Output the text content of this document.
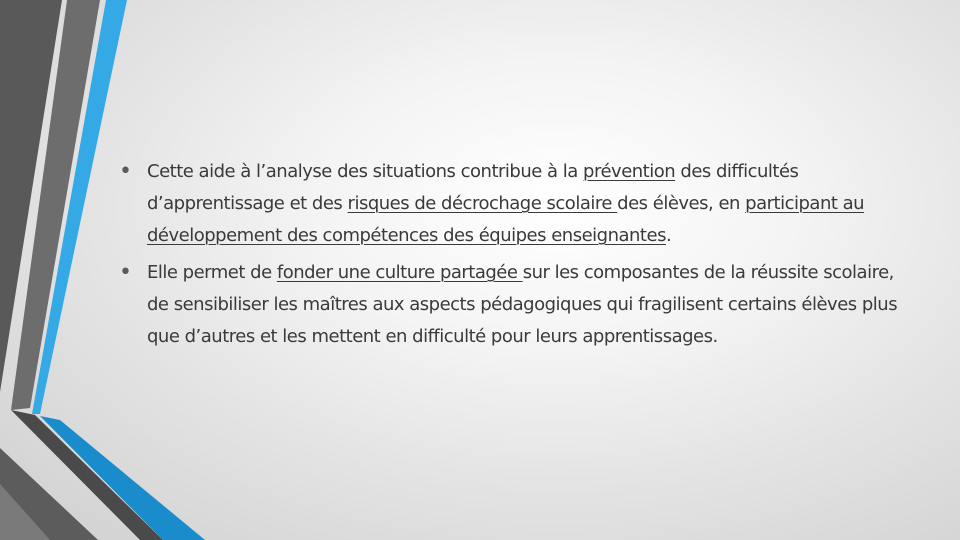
• Cette aide à l’analyse des situations contribue à la prévention des difficultés d’apprentissage et des risques de décrochage scolaire des élèves, en participant au développement des compétences des équipes enseignantes.
• Elle permet de fonder une culture partagée sur les composantes de la réussite scolaire, de sensibiliser les maîtres aux aspects pédagogiques qui fragilisent certains élèves plus que d’autres et les mettent en difficulté pour leurs apprentissages.
